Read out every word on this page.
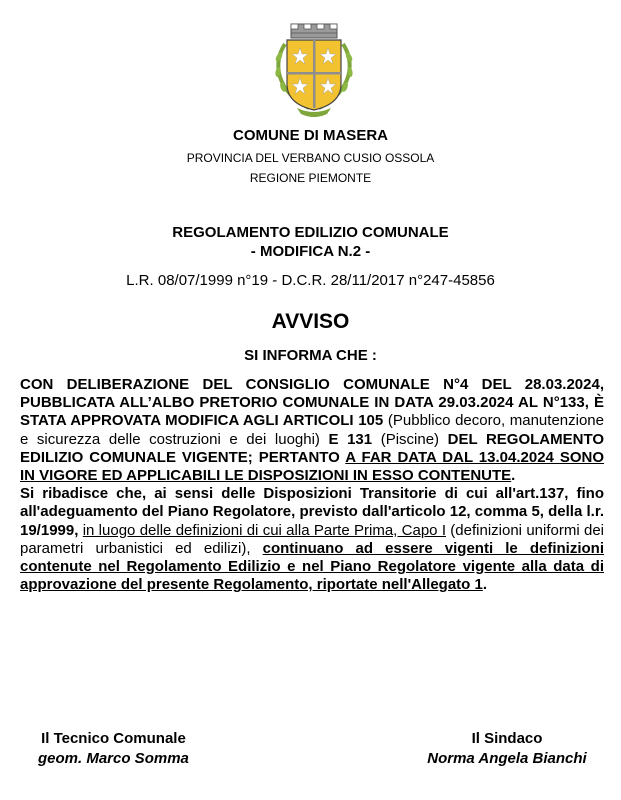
COMUNE DI MASERA
PROVINCIA DEL VERBANO CUSIO OSSOLA
REGIONE PIEMONTE
REGOLAMENTO EDILIZIO COMUNALE
- MODIFICA N.2 -
L.R. 08/07/1999 n°19 - D.C.R. 28/11/2017 n°247-45856
AVVISO
SI INFORMA CHE :

CON DELIBERAZIONE DEL CONSIGLIO COMUNALE N°4 DEL 28.03.2024, PUBBLICATA ALL’ALBO PRETORIO COMUNALE IN DATA 29.03.2024 AL N°133, È STATA APPROVATA MODIFICA AGLI ARTICOLI 105 (Pubblico decoro, manutenzione e sicurezza delle costruzioni e dei luoghi) E 131 (Piscine) DEL REGOLAMENTO EDILIZIO COMUNALE VIGENTE; PERTANTO A FAR DATA DAL 13.04.2024 SONO IN VIGORE ED APPLICABILI LE DISPOSIZIONI IN ESSO CONTENUTE.

Si ribadisce che, ai sensi delle Disposizioni Transitorie di cui all'art.137, fino all'adeguamento del Piano Regolatore, previsto dall'articolo 12, comma 5, della l.r. 19/1999, in luogo delle definizioni di cui alla Parte Prima, Capo I (definizioni uniformi dei parametri urbanistici ed edilizi), continuano ad essere vigenti le definizioni contenute nel Regolamento Edilizio e nel Piano Regolatore vigente alla data di approvazione del presente Regolamento, riportate nell'Allegato 1.

Il Tecnico Comunale
geom. Marco Somma
Il Sindaco
Norma Angela Bianchi
